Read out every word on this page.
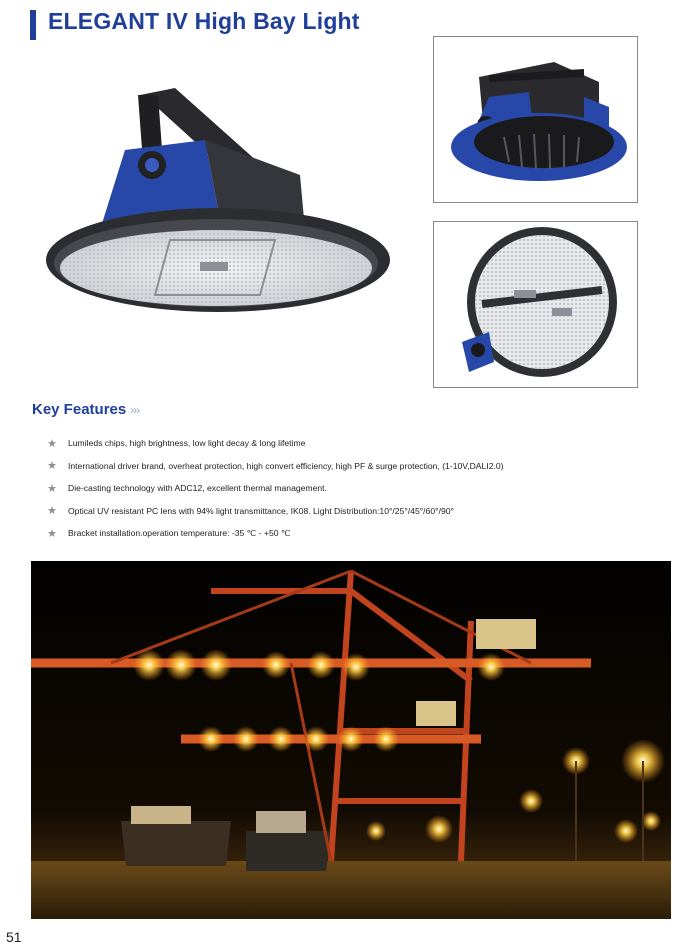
ELEGANT IV High Bay Light
Key Features ›››
★ Lumileds chips, high brightness, low light decay & long lifetime
★ International driver brand, overheat protection, high convert efficiency, high PF & surge protection, (1-10V,DALI2.0)
★ Die-casting technology with ADC12, excellent thermal management.
★ Optical UV resistant PC lens with 94% light transmittance, IK08. Light Distribution:10°/25°/45°/60°/90°
★ Bracket installation.operation temperature: -35 ℃ - +50 ℃
51
